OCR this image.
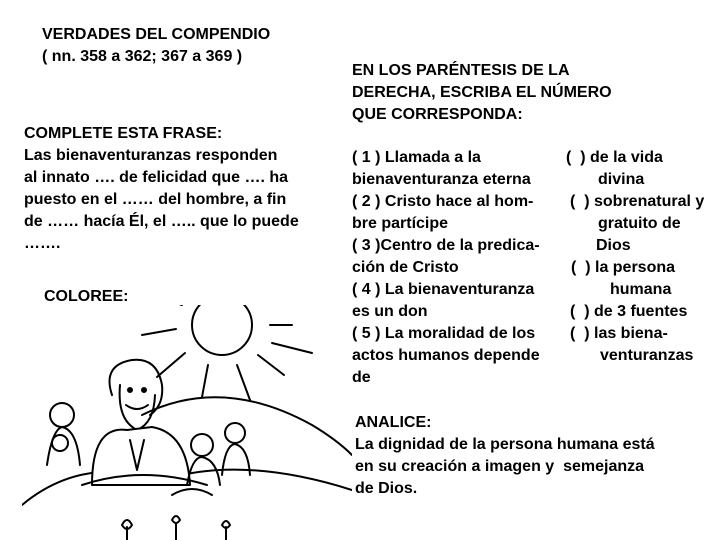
VERDADES DEL COMPENDIO
( nn. 358 a 362; 367 a 369 )
EN LOS PARÉNTESIS DE LA
DERECHA, ESCRIBA EL NÚMERO
QUE CORRESPONDA:
COMPLETE ESTA FRASE:
Las bienaventuranzas responden
al innato …. de felicidad que …. ha
puesto en el …… del hombre, a fin
de …… hacía Él, el ….. que lo puede
…….
COLOREE:
( 1 ) Llamada a la
bienaventuranza eterna
( 2 ) Cristo hace al hom-
bre partícipe
( 3 )Centro de la predica-
ción de Cristo
( 4 ) La bienaventuranza
es un don
( 5 ) La moralidad de los
actos humanos depende
de

(  ) de la vida

divina

(  ) sobrenatural y

gratuito de

Dios

(  ) la persona

humana

(  ) de 3 fuentes

(  ) las biena-

venturanzas

ANALICE:
La dignidad de la persona humana está
en su creación a imagen y  semejanza
de Dios.
